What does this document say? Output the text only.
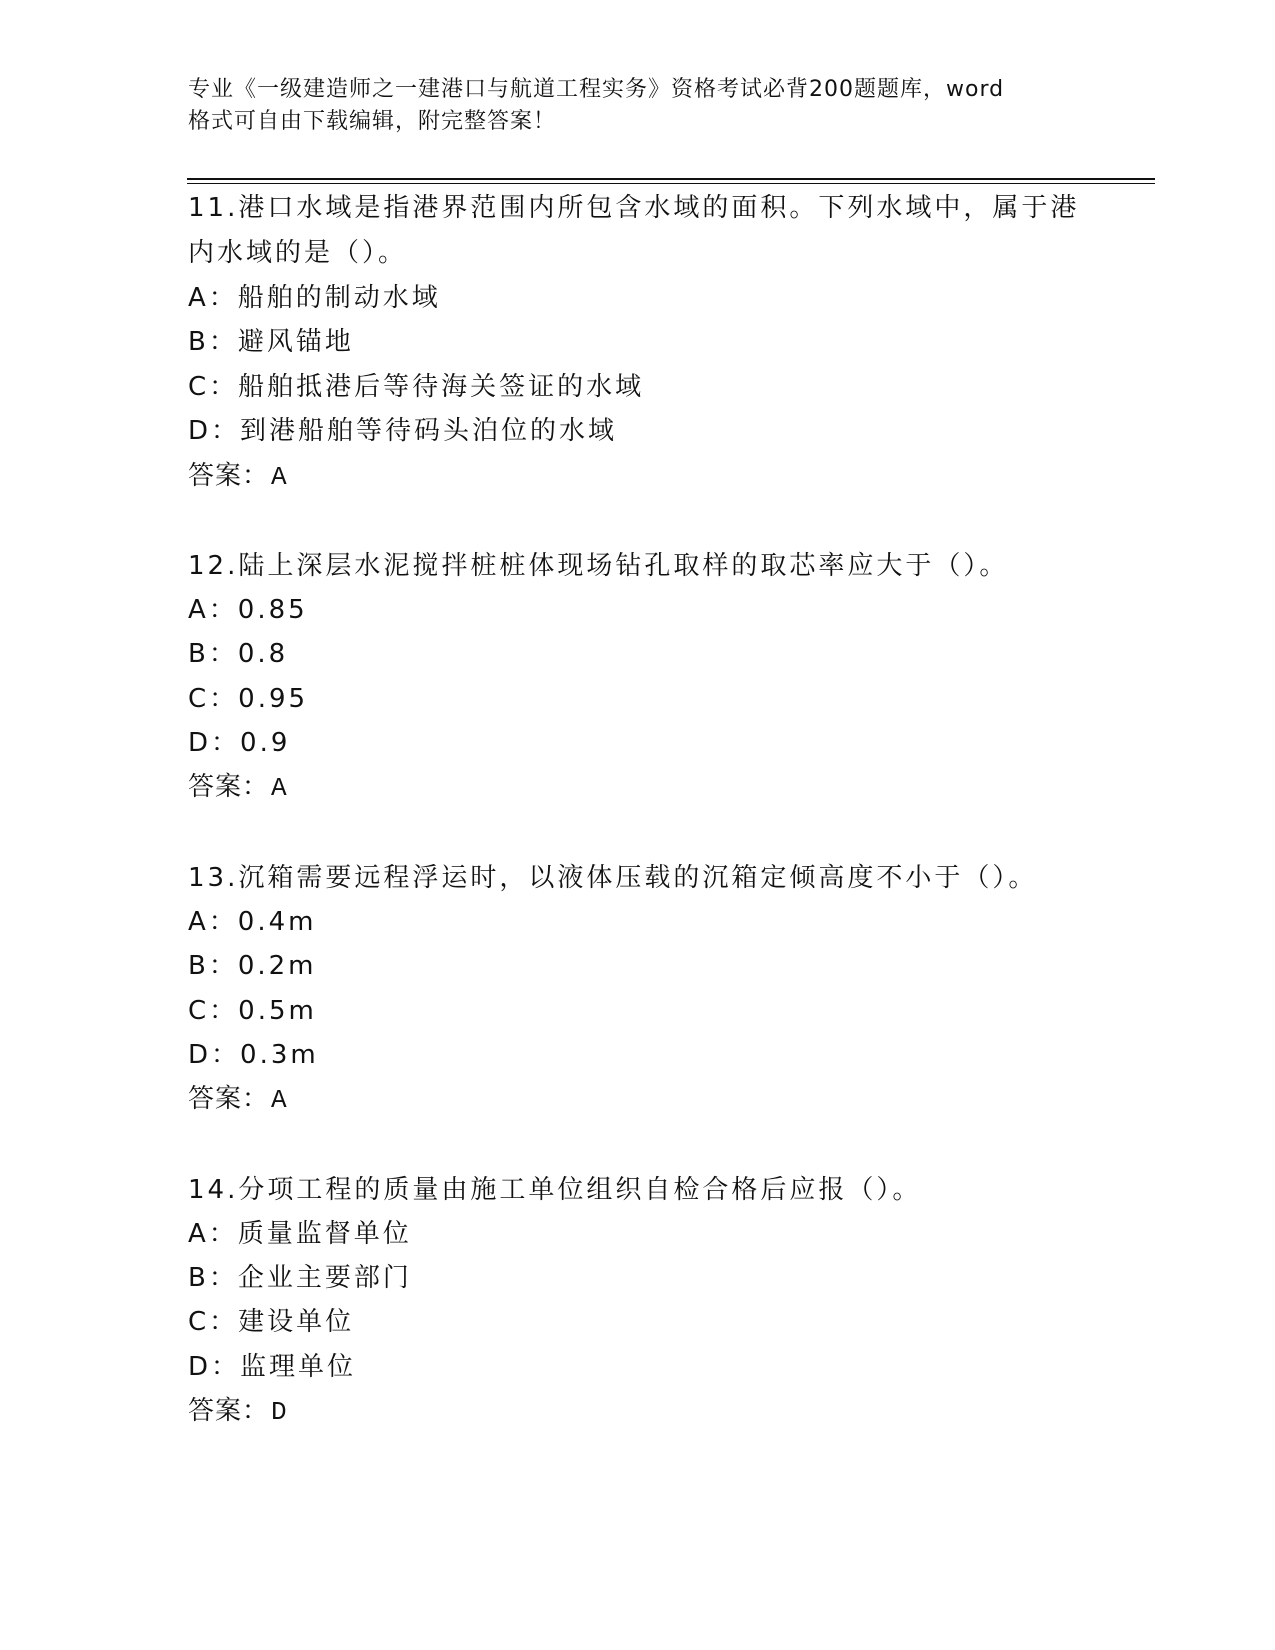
专业《一级建造师之一建港口与航道工程实务》资格考试必背200题题库，word
格式可自由下载编辑，附完整答案！
11.港口水域是指港界范围内所包含水域的面积。下列水域中，属于港
内水域的是（）。
A：船舶的制动水域
B：避风锚地
C：船舶抵港后等待海关签证的水域
D：到港船舶等待码头泊位的水域
答案：A
12.陆上深层水泥搅拌桩桩体现场钻孔取样的取芯率应大于（）。
A：0.85
B：0.8
C：0.95
D：0.9
答案：A
13.沉箱需要远程浮运时，以液体压载的沉箱定倾高度不小于（）。
A：0.4m
B：0.2m
C：0.5m
D：0.3m
答案：A
14.分项工程的质量由施工单位组织自检合格后应报（）。
A：质量监督单位
B：企业主要部门
C：建设单位
D：监理单位
答案：D
